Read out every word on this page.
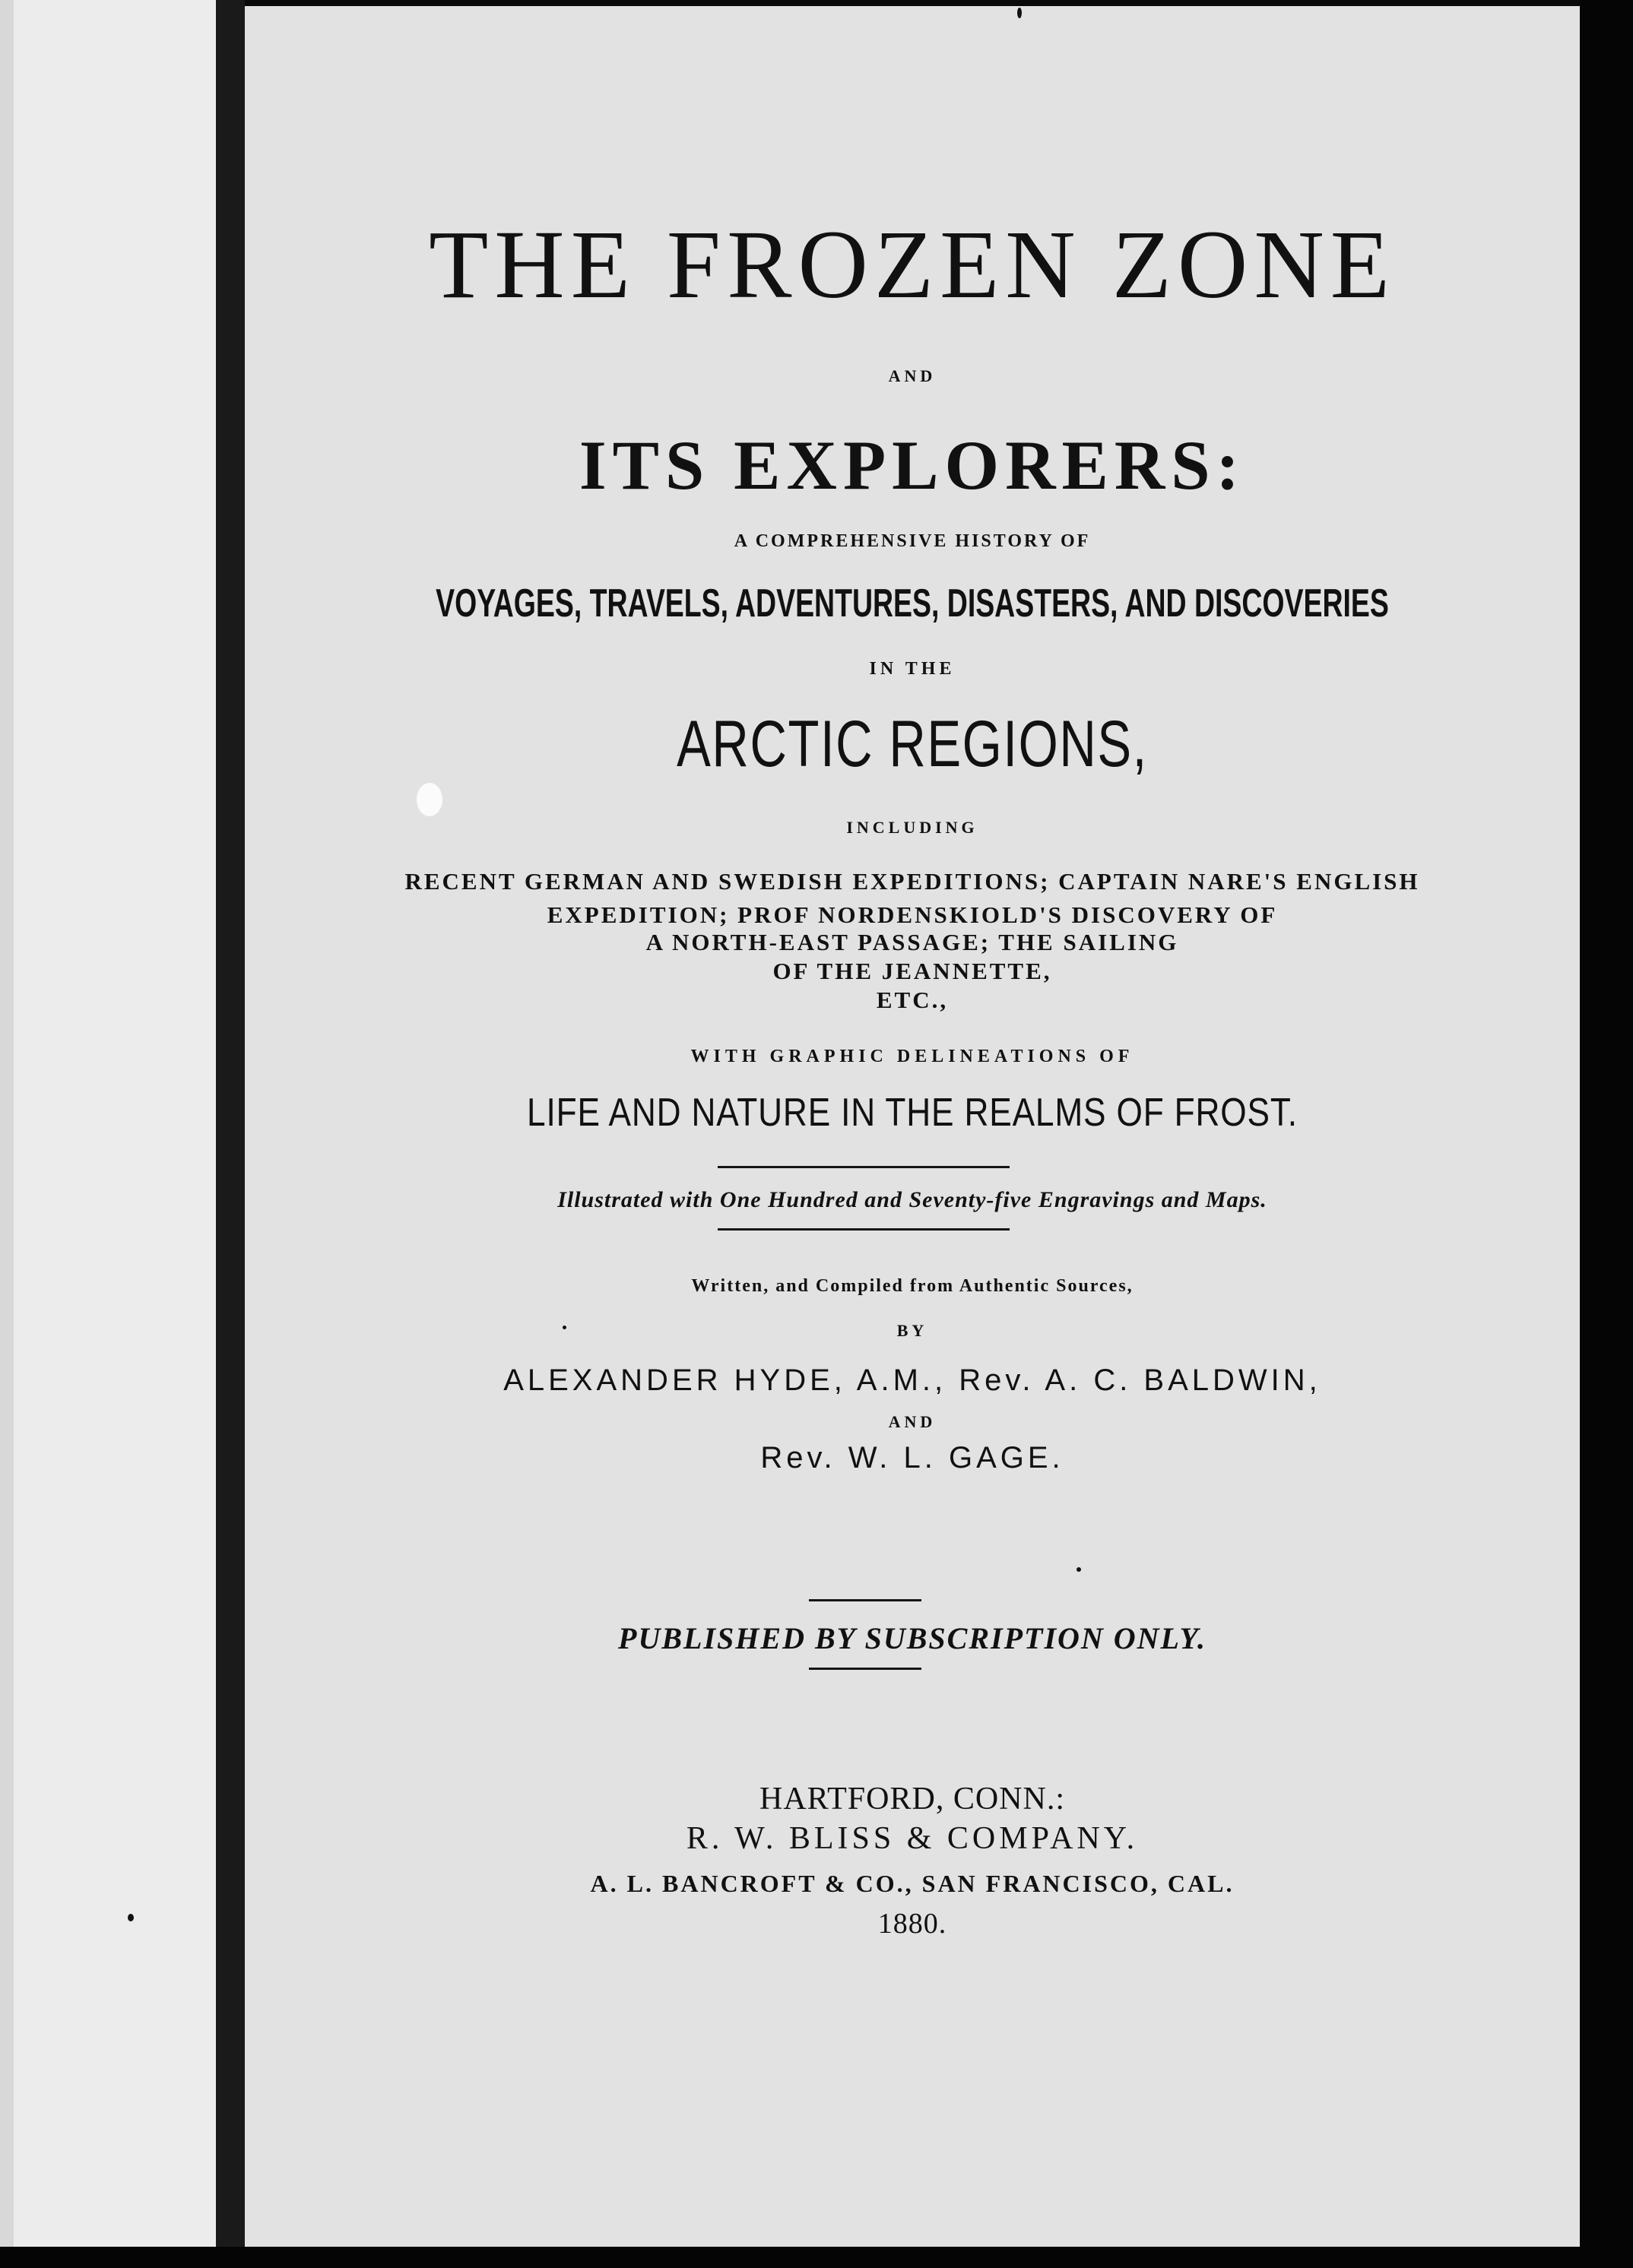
THE FROZEN ZONE
AND
ITS EXPLORERS:
A COMPREHENSIVE HISTORY OF
VOYAGES, TRAVELS, ADVENTURES, DISASTERS, AND DISCOVERIES
IN THE
ARCTIC REGIONS,
INCLUDING
RECENT GERMAN AND SWEDISH EXPEDITIONS; CAPTAIN NARE'S ENGLISH
EXPEDITION; PROF NORDENSKIOLD'S DISCOVERY OF
A NORTH-EAST PASSAGE; THE SAILING
OF THE JEANNETTE,
ETC.,
WITH GRAPHIC DELINEATIONS OF
LIFE AND NATURE IN THE REALMS OF FROST.
Illustrated with One Hundred and Seventy-five Engravings and Maps.
Written, and Compiled from Authentic Sources,
BY
ALEXANDER HYDE, A.M., Rev. A. C. BALDWIN,
AND
Rev. W. L. GAGE.
PUBLISHED BY SUBSCRIPTION ONLY.
HARTFORD, CONN.:
R. W. BLISS & COMPANY.
A. L. BANCROFT & CO., SAN FRANCISCO, CAL.
1880.
